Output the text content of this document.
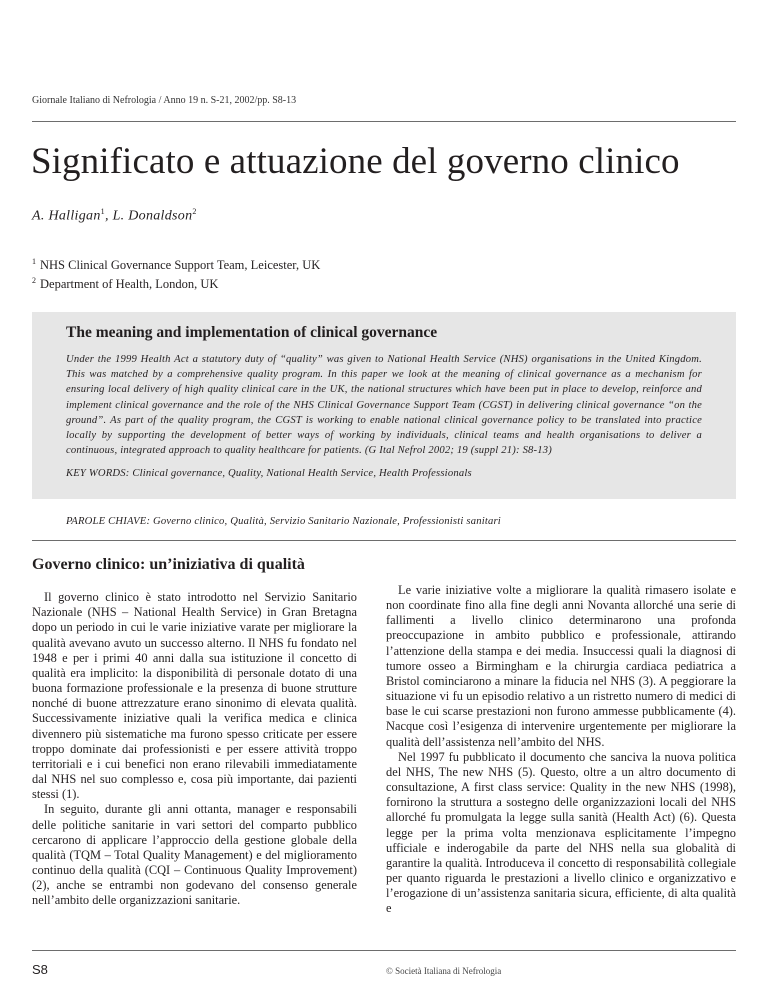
Giornale Italiano di Nefrologia / Anno 19 n. S-21, 2002/pp. S8-13
Significato e attuazione del governo clinico
A. Halligan$^1$, L. Donaldson$^2$
$^1$ NHS Clinical Governance Support Team, Leicester, UK
$^2$ Department of Health, London, UK
The meaning and implementation of clinical governance

Under the 1999 Health Act a statutory duty of “quality” was given to National Health Service (NHS) organisations in the United Kingdom. This was matched by a comprehensive quality program. In this paper we look at the meaning of clinical governance as a mechanism for ensuring local delivery of high quality clinical care in the UK, the national structures which have been put in place to develop, reinforce and implement clinical governance and the role of the NHS Clinical Governance Support Team (CGST) in delivering clinical governance “on the ground”. As part of the quality program, the CGST is working to enable national clinical governance policy to be translated into practice locally by supporting the development of better ways of working by individuals, clinical teams and health organisations to deliver a continuous, integrated approach to quality healthcare for patients. (G Ital Nefrol 2002; 19 (suppl 21): S8-13)

KEY WORDS: Clinical governance, Quality, National Health Service, Health Professionals
PAROLE CHIAVE: Governo clinico, Qualità, Servizio Sanitario Nazionale, Professionisti sanitari
Governo clinico: un’iniziativa di qualità

Il governo clinico è stato introdotto nel Servizio Sanitario Nazionale (NHS – National Health Service) in Gran Bretagna dopo un periodo in cui le varie iniziative varate per migliorare la qualità avevano avuto un successo alterno. Il NHS fu fondato nel 1948 e per i primi 40 anni dalla sua istituzione il concetto di qualità era implicito: la disponibilità di personale dotato di una buona formazione professionale e la presenza di buone strutture nonché di buone attrezzature erano sinonimo di elevata qualità. Successivamente iniziative quali la verifica medica e clinica divennero più sistematiche ma furono spesso criticate per essere troppo dominate dai professionisti e per essere attività troppo territoriali e i cui benefici non erano rilevabili immediatamente dal NHS nel suo complesso e, cosa più importante, dai pazienti stessi (1).

In seguito, durante gli anni ottanta, manager e responsabili delle politiche sanitarie in vari settori del comparto pubblico cercarono di applicare l’approccio della gestione globale della qualità (TQM – Total Quality Management) e del miglioramento continuo della qualità (CQI – Continuous Quality Improvement) (2), anche se entrambi non godevano del consenso generale nell’ambito delle organizzazioni sanitarie.

Le varie iniziative volte a migliorare la qualità rimasero isolate e non coordinate fino alla fine degli anni Novanta allorché una serie di fallimenti a livello clinico determinarono una profonda preoccupazione in ambito pubblico e professionale, attirando l’attenzione della stampa e dei media. Insuccessi quali la diagnosi di tumore osseo a Birmingham e la chirurgia cardiaca pediatrica a Bristol cominciarono a minare la fiducia nel NHS (3). A peggiorare la situazione vi fu un episodio relativo a un ristretto numero di medici di base le cui scarse prestazioni non furono ammesse pubblicamente (4). Nacque così l’esigenza di intervenire urgentemente per migliorare la qualità dell’assistenza nell’ambito del NHS.

Nel 1997 fu pubblicato il documento che sanciva la nuova politica del NHS, The new NHS (5). Questo, oltre a un altro documento di consultazione, A first class service: Quality in the new NHS (1998), fornirono la struttura a sostegno delle organizzazioni locali del NHS allorché fu promulgata la legge sulla sanità (Health Act) (6). Questa legge per la prima volta menzionava esplicitamente l’impegno ufficiale e inderogabile da parte del NHS nella sua globalità di garantire la qualità. Introduceva il concetto di responsabilità collegiale per quanto riguarda le prestazioni a livello clinico e organizzativo e l’erogazione di un’assistenza sanitaria sicura, efficiente, di alta qualità e

S8	© Società Italiana di Nefrologia
